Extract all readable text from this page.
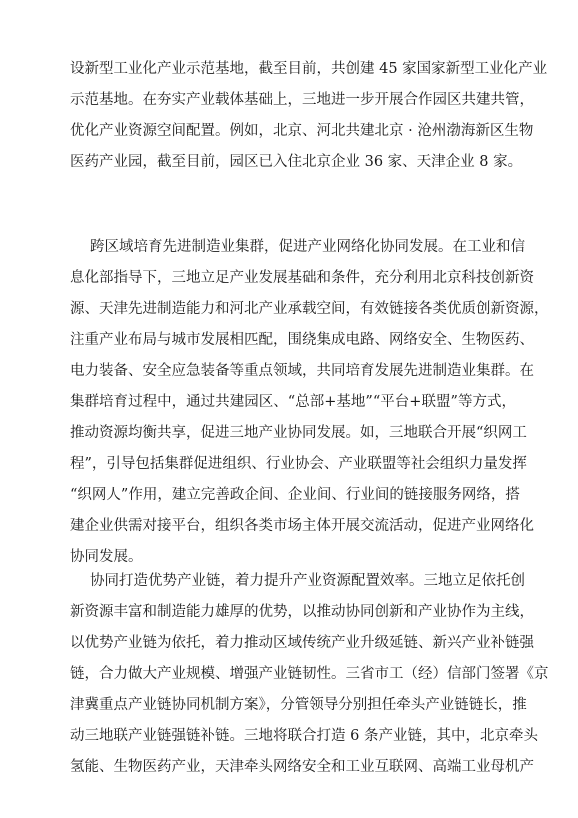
设新型工业化产业示范基地，截至目前，共创建 45 家国家新型工业化产业
示范基地。在夯实产业载体基础上，三地进一步开展合作园区共建共管，
优化产业资源空间配置。例如，北京、河北共建北京 · 沧州渤海新区生物
医药产业园，截至目前，园区已入住北京企业 36 家、天津企业 8 家。
跨区域培育先进制造业集群，促进产业网络化协同发展。在工业和信
息化部指导下，三地立足产业发展基础和条件，充分利用北京科技创新资
源、天津先进制造能力和河北产业承载空间，有效链接各类优质创新资源，
注重产业布局与城市发展相匹配，围绕集成电路、网络安全、生物医药、
电力装备、安全应急装备等重点领域，共同培育发展先进制造业集群。在
集群培育过程中，通过共建园区、“总部+基地”“平台+联盟”等方式，
推动资源均衡共享，促进三地产业协同发展。如，三地联合开展“织网工
程”，引导包括集群促进组织、行业协会、产业联盟等社会组织力量发挥
“织网人”作用，建立完善政企间、企业间、行业间的链接服务网络，搭
建企业供需对接平台，组织各类市场主体开展交流活动，促进产业网络化
协同发展。
协同打造优势产业链，着力提升产业资源配置效率。三地立足依托创
新资源丰富和制造能力雄厚的优势，以推动协同创新和产业协作为主线，
以优势产业链为依托，着力推动区域传统产业升级延链、新兴产业补链强
链，合力做大产业规模、增强产业链韧性。三省市工（经）信部门签署《京
津冀重点产业链协同机制方案》，分管领导分别担任牵头产业链链长，推
动三地联产业链强链补链。三地将联合打造 6 条产业链，其中，北京牵头
氢能、生物医药产业，天津牵头网络安全和工业互联网、高端工业母机产
